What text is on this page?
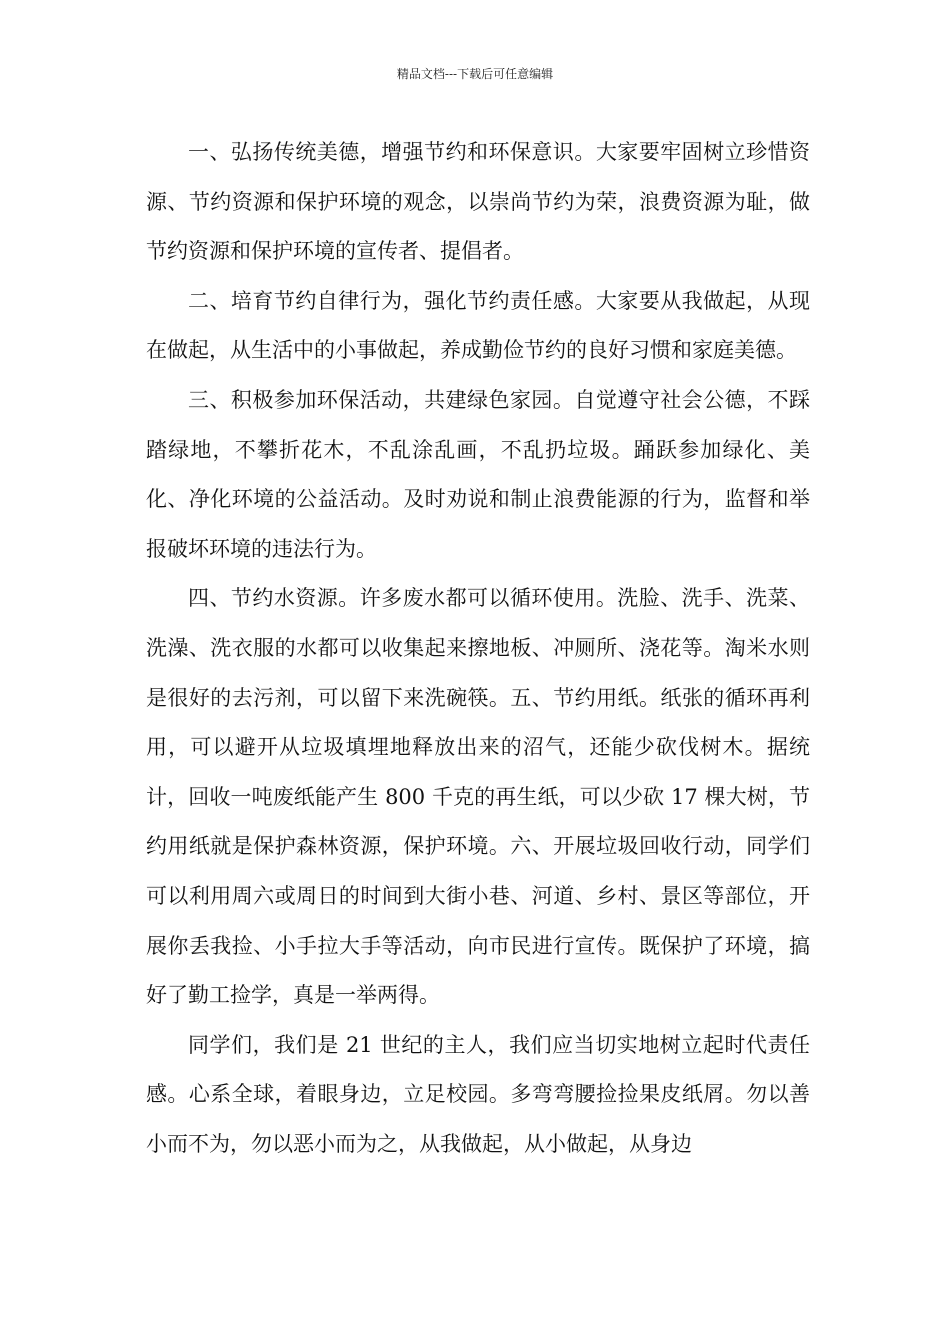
精品文档---下载后可任意编辑

一、弘扬传统美德，增强节约和环保意识。大家要牢固树立珍惜资源、节约资源和保护环境的观念，以崇尚节约为荣，浪费资源为耻，做节约资源和保护环境的宣传者、提倡者。

二、培育节约自律行为，强化节约责任感。大家要从我做起，从现在做起，从生活中的小事做起，养成勤俭节约的良好习惯和家庭美德。

三、积极参加环保活动，共建绿色家园。自觉遵守社会公德，不踩踏绿地，不攀折花木，不乱涂乱画，不乱扔垃圾。踊跃参加绿化、美化、净化环境的公益活动。及时劝说和制止浪费能源的行为，监督和举报破坏环境的违法行为。

四、节约水资源。许多废水都可以循环使用。洗脸、洗手、洗菜、洗澡、洗衣服的水都可以收集起来擦地板、冲厕所、浇花等。淘米水则是很好的去污剂，可以留下来洗碗筷。五、节约用纸。纸张的循环再利用，可以避开从垃圾填埋地释放出来的沼气，还能少砍伐树木。据统计，回收一吨废纸能产生 800 千克的再生纸，可以少砍 17 棵大树，节约用纸就是保护森林资源，保护环境。六、开展垃圾回收行动，同学们可以利用周六或周日的时间到大街小巷、河道、乡村、景区等部位，开展你丢我捡、小手拉大手等活动，向市民进行宣传。既保护了环境，搞好了勤工捡学，真是一举两得。

同学们，我们是 21 世纪的主人，我们应当切实地树立起时代责任感。心系全球，着眼身边，立足校园。多弯弯腰捡捡果皮纸屑。勿以善小而不为，勿以恶小而为之，从我做起，从小做起，从身边
